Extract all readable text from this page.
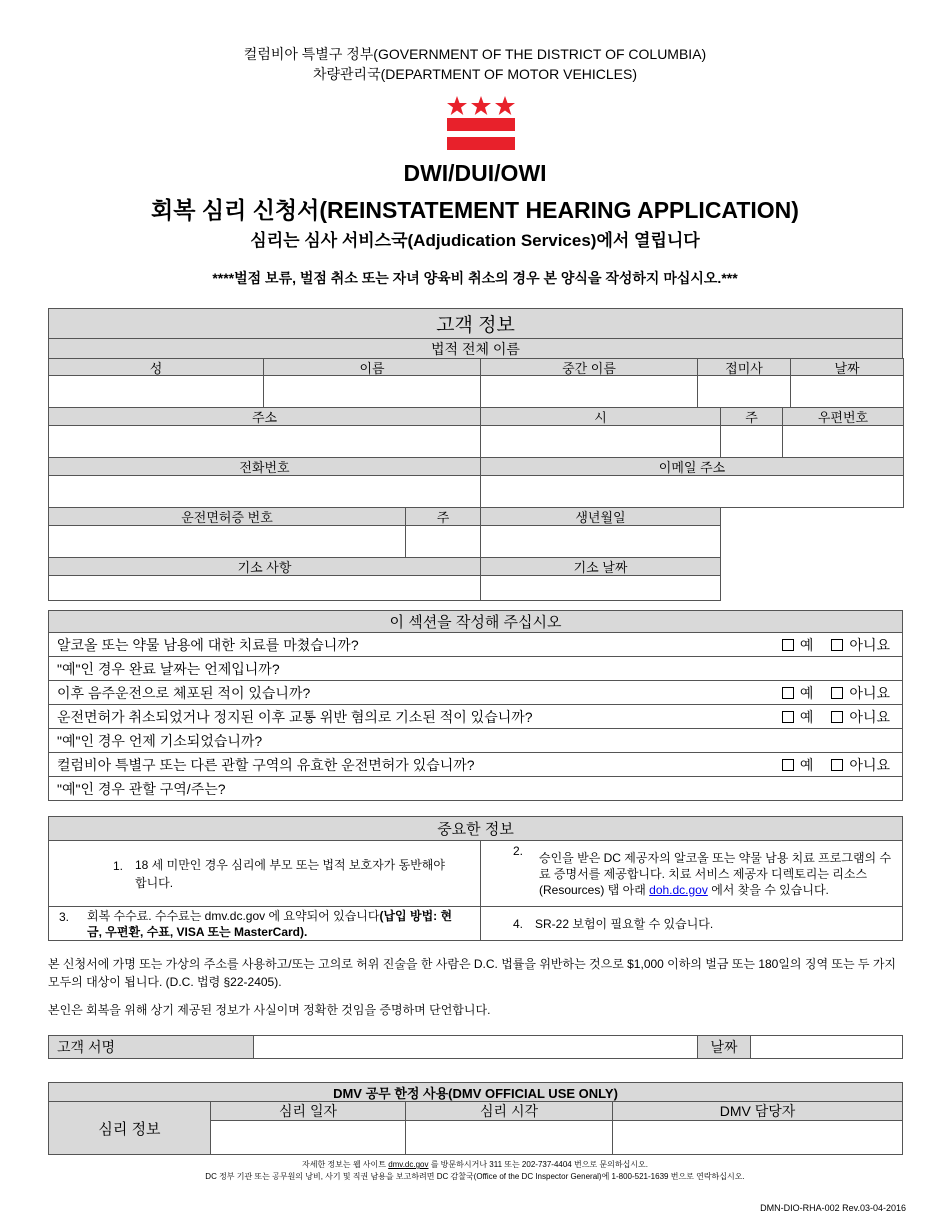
컬럼비아 특별구 정부(GOVERNMENT OF THE DISTRICT OF COLUMBIA)
차량관리국(DEPARTMENT OF MOTOR VEHICLES)
DWI/DUI/OWI
회복 심리 신청서(REINSTATEMENT HEARING APPLICATION)
심리는 심사 서비스국(Adjudication Services)에서 열립니다
****벌점 보류, 벌점 취소 또는 자녀 양육비 취소의 경우 본 양식을 작성하지 마십시오.***
고객 정보
법적 전체 이름
성	이름	중간 이름	접미사	날짜
주소	시	주	우편번호
전화번호	이메일 주소
운전면허증 번호	주	생년월일
기소 사항	기소 날짜
이 섹션을 작성해 주십시오
알코올 또는 약물 남용에 대한 치료를 마쳤습니까?	예	아니요
"예"인 경우 완료 날짜는 언제입니까?
이후 음주운전으로 체포된 적이 있습니까?	예	아니요
운전면허가 취소되었거나 정지된 이후 교통 위반 혐의로 기소된 적이 있습니까?	예	아니요
"예"인 경우 언제 기소되었습니까?
컬럼비아 특별구 또는 다른 관할 구역의 유효한 운전면허가 있습니까?	예	아니요
"예"인 경우 관할 구역/주는?
중요한 정보
1. 18 세 미만인 경우 심리에 부모 또는 법적 보호자가 동반해야 합니다.
2. 승인을 받은 DC 제공자의 알코올 또는 약물 남용 치료 프로그램의 수료 증명서를 제공합니다. 치료 서비스 제공자 디렉토리는 리소스(Resources) 탭 아래 doh.dc.gov 에서 찾을 수 있습니다.
3. 회복 수수료. 수수료는 dmv.dc.gov 에 요약되어 있습니다(납입 방법: 현금, 우편환, 수표, VISA 또는 MasterCard).
4. SR-22 보험이 필요할 수 있습니다.
고객 서명	날짜
DMV 공무 한정 사용(DMV OFFICIAL USE ONLY)
심리 정보
심리 일자	심리 시각	DMV 담당자
본 신청서에 가명 또는 가상의 주소를 사용하고/또는 고의로 허위 진술을 한 사람은 D.C. 법률을 위반하는 것으로 $1,000 이하의 벌금 또는 180일의 징역 또는 두 가지 모두의 대상이 됩니다. (D.C. 법령 §22-2405).
본인은 회복을 위해 상기 제공된 정보가 사실이며 정확한 것임을 증명하며 단언합니다.
자세한 정보는 웹 사이트 dmv.dc.gov 를 방문하시거나 311 또는 202-737-4404 번으로 문의하십시오.
DC 정부 기관 또는 공무원의 낭비, 사기 및 직권 남용을 보고하려면 DC 감찰국(Office of the DC Inspector General)에 1-800-521-1639 번으로 연락하십시오.
DMN-DIO-RHA-002 Rev.03-04-2016
